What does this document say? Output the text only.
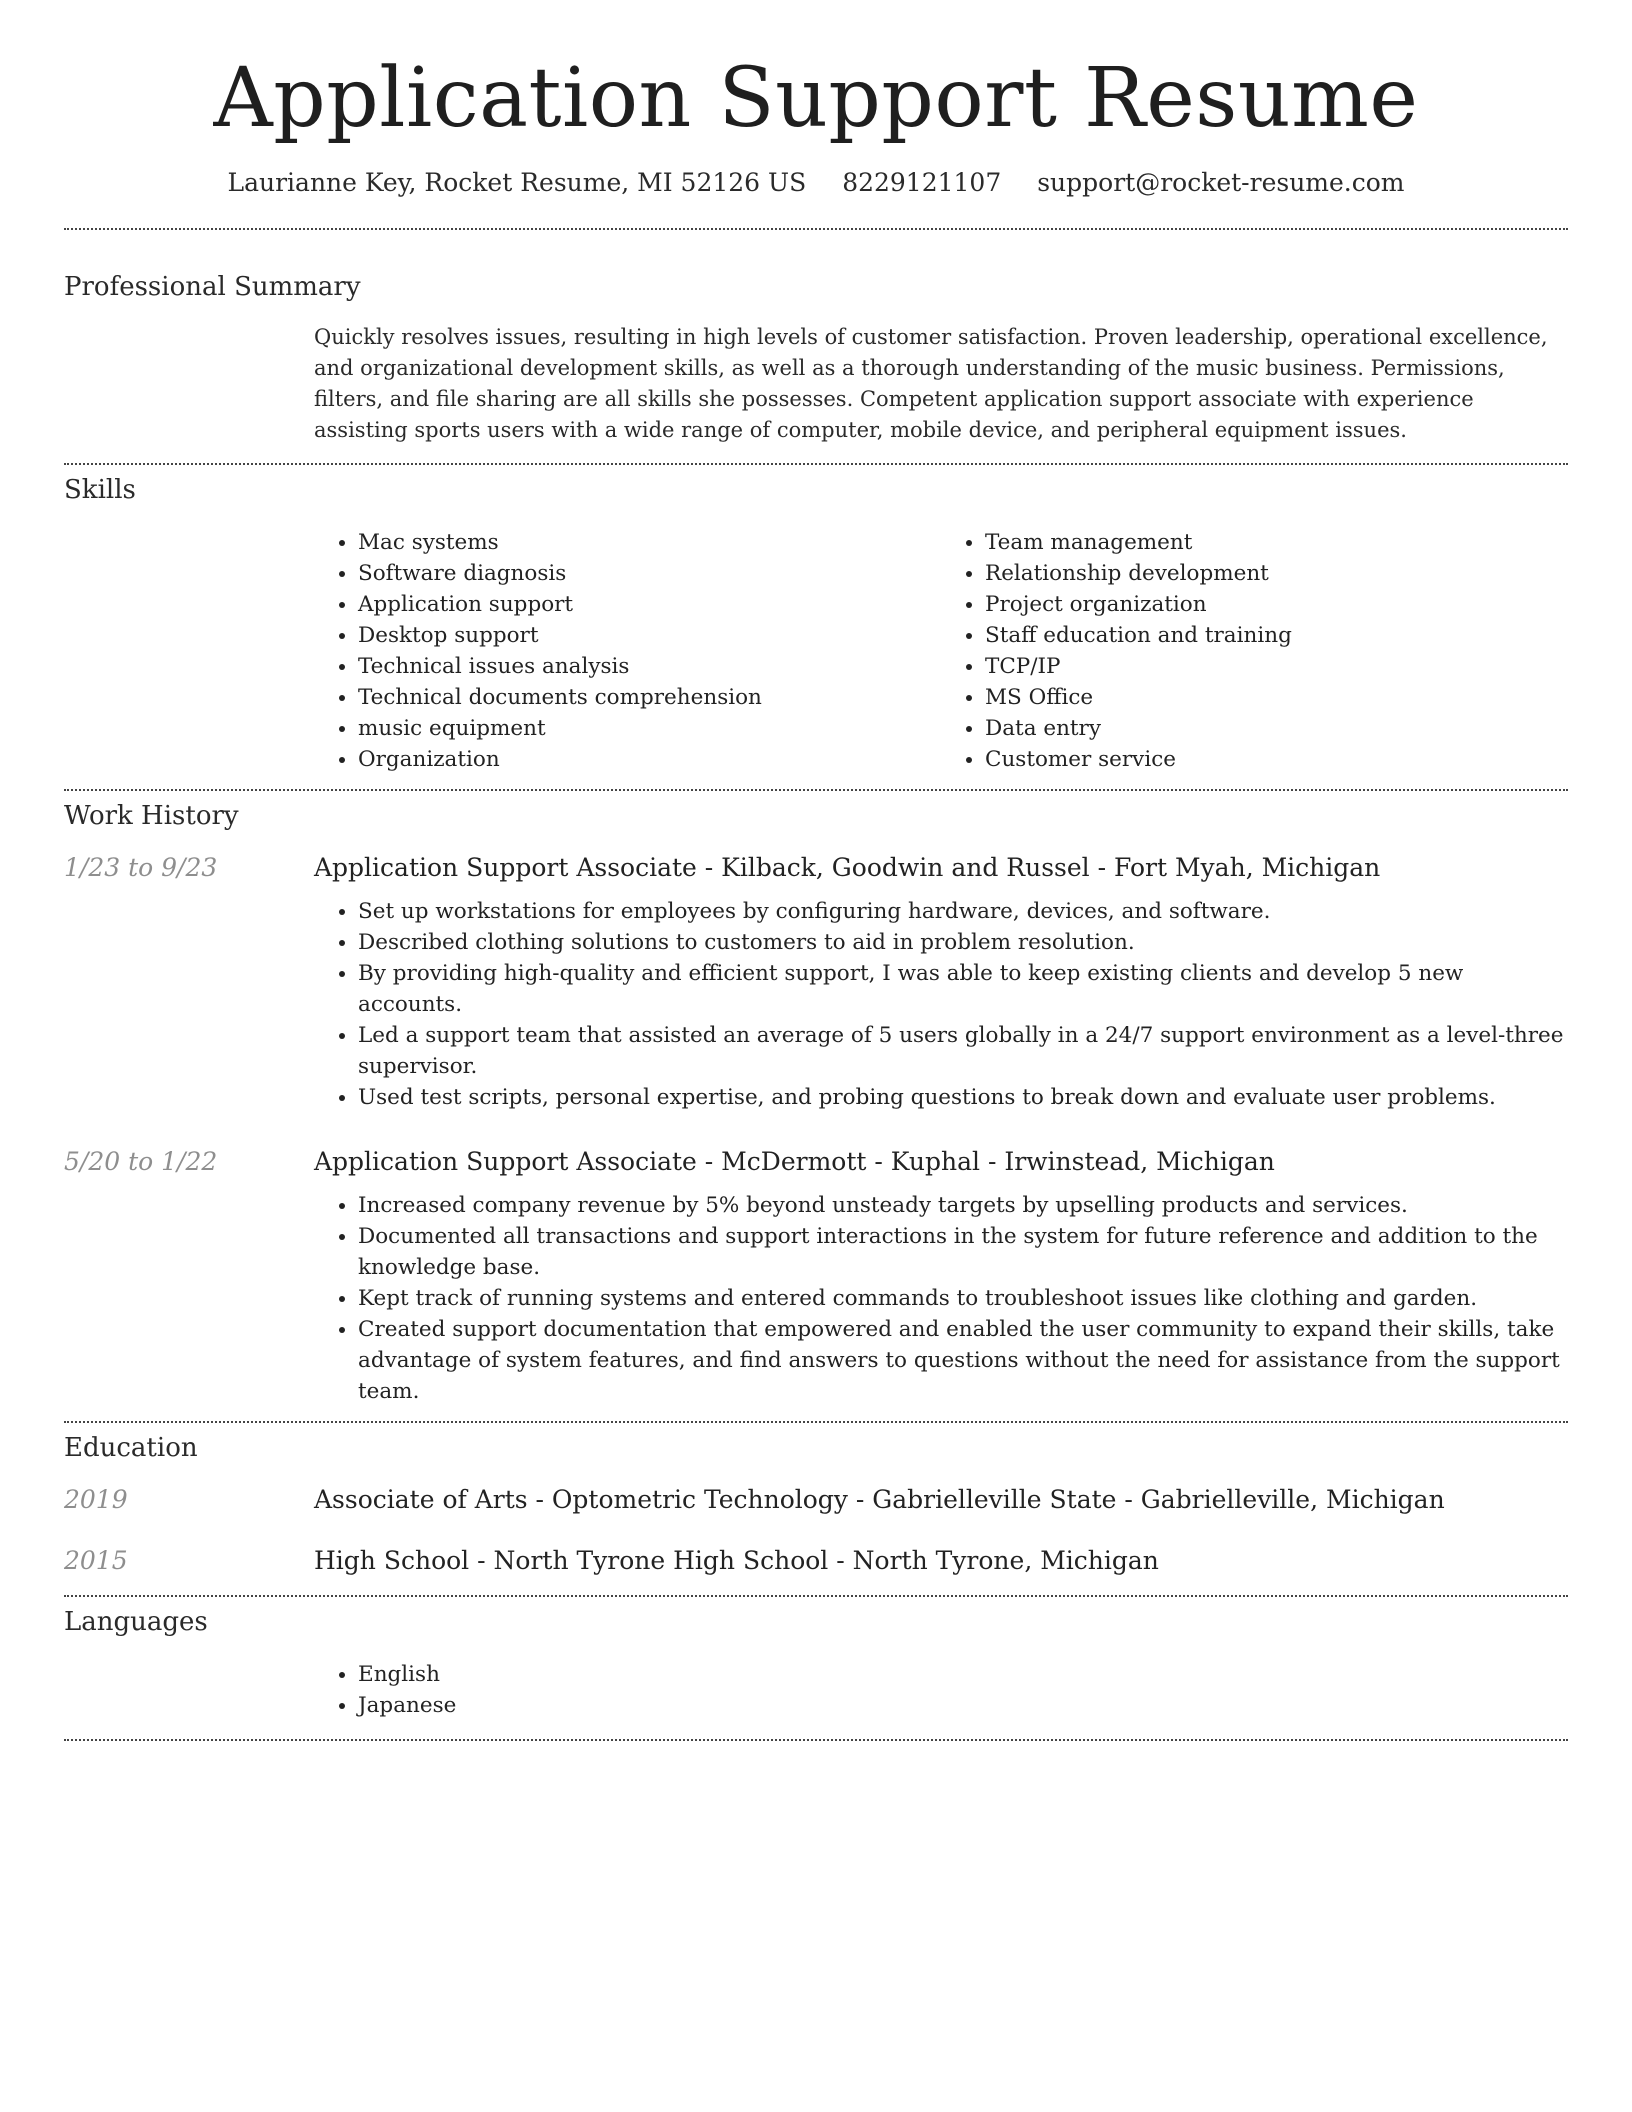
Application Support Resume
Laurianne Key, Rocket Resume, MI 52126 US 8229121107 support@rocket-resume.com
Professional Summary
Quickly resolves issues, resulting in high levels of customer satisfaction. Proven leadership, operational excellence, and organizational development skills, as well as a thorough understanding of the music business. Permissions, filters, and file sharing are all skills she possesses. Competent application support associate with experience assisting sports users with a wide range of computer, mobile device, and peripheral equipment issues.
Skills
• Mac systems
• Software diagnosis
• Application support
• Desktop support
• Technical issues analysis
• Technical documents comprehension
• music equipment
• Organization
• Team management
• Relationship development
• Project organization
• Staff education and training
• TCP/IP
• MS Office
• Data entry
• Customer service
Work History
1/23 to 9/23	Application Support Associate - Kilback, Goodwin and Russel - Fort Myah, Michigan
• Set up workstations for employees by configuring hardware, devices, and software.
• Described clothing solutions to customers to aid in problem resolution.
• By providing high-quality and efficient support, I was able to keep existing clients and develop 5 new accounts.
• Led a support team that assisted an average of 5 users globally in a 24/7 support environment as a level-three supervisor.
• Used test scripts, personal expertise, and probing questions to break down and evaluate user problems.
5/20 to 1/22	Application Support Associate - McDermott - Kuphal - Irwinstead, Michigan
• Increased company revenue by 5% beyond unsteady targets by upselling products and services.
• Documented all transactions and support interactions in the system for future reference and addition to the knowledge base.
• Kept track of running systems and entered commands to troubleshoot issues like clothing and garden.
• Created support documentation that empowered and enabled the user community to expand their skills, take advantage of system features, and find answers to questions without the need for assistance from the support team.
Education
2019	Associate of Arts - Optometric Technology - Gabrielleville State - Gabrielleville, Michigan
2015	High School - North Tyrone High School - North Tyrone, Michigan
Languages
• English
• Japanese
